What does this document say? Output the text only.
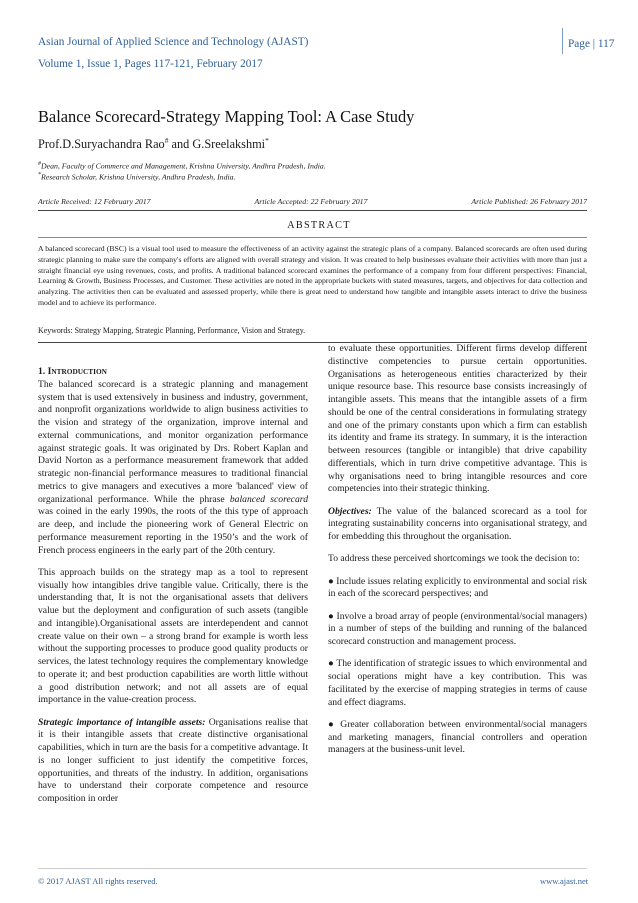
Asian Journal of Applied Science and Technology (AJAST)
Volume 1, Issue 1, Pages 117-121, February 2017
Page | 117
Balance Scorecard-Strategy Mapping Tool: A Case Study
Prof.D.Suryachandra Rao# and G.Sreelakshmi*
#Dean, Faculty of Commerce and Management, Krishna University, Andhra Pradesh, India.
*Research Scholar, Krishna University, Andhra Pradesh, India.
Article Received: 12 February 2017	Article Accepted: 22 February 2017	Article Published: 26 February 2017
ABSTRACT
A balanced scorecard (BSC) is a visual tool used to measure the effectiveness of an activity against the strategic plans of a company. Balanced scorecards are often used during strategic planning to make sure the company's efforts are aligned with overall strategy and vision. It was created to help businesses evaluate their activities with more than just a straight financial eye using revenues, costs, and profits. A traditional balanced scorecard examines the performance of a company from four different perspectives: Financial, Learning & Growth, Business Processes, and Customer. These activities are noted in the appropriate buckets with stated measures, targets, and objectives for data collection and analyzing. The activities then can be evaluated and assessed properly, while there is great need to understand how tangible and intangible assets interact to drive the business model and to achieve its performance.
Keywords: Strategy Mapping, Strategic Planning, Performance, Vision and Strategy.
1. INTRODUCTION

The balanced scorecard is a strategic planning and management system that is used extensively in business and industry, government, and nonprofit organizations worldwide to align business activities to the vision and strategy of the organization, improve internal and external communications, and monitor organization performance against strategic goals. It was originated by Drs. Robert Kaplan and David Norton as a performance measurement framework that added strategic non-financial performance measures to traditional financial metrics to give managers and executives a more 'balanced' view of organizational performance. While the phrase balanced scorecard was coined in the early 1990s, the roots of the this type of approach are deep, and include the pioneering work of General Electric on performance measurement reporting in the 1950’s and the work of French process engineers in the early part of the 20th century.

This approach builds on the strategy map as a tool to represent visually how intangibles drive tangible value. Critically, there is the understanding that, It is not the organisational assets that delivers value but the deployment and configuration of such assets (tangible and intangible).Organisational assets are interdependent and cannot create value on their own – a strong brand for example is worth less without the supporting processes to produce good quality products or services, the latest technology requires the complementary knowledge to operate it; and best production capabilities are worth little without a good distribution network; and not all assets are of equal importance in the value-creation process.

Strategic importance of intangible assets: Organisations realise that it is their intangible assets that create distinctive organisational capabilities, which in turn are the basis for a competitive advantage. It is no longer sufficient to just identify the competitive forces, opportunities, and threats of the industry. In addition, organisations have to understand their corporate competence and resource composition in order

to evaluate these opportunities. Different firms develop different distinctive competencies to pursue certain opportunities. Organisations as heterogeneous entities characterized by their unique resource base. This resource base consists increasingly of intangible assets. This means that the intangible assets of a firm should be one of the central considerations in formulating strategy and one of the primary constants upon which a firm can establish its identity and frame its strategy. In summary, it is the interaction between resources (tangible or intangible) that drive capability differentials, which in turn drive competitive advantage. This is why organisations need to bring intangible resources and core competencies into their strategic thinking.

Objectives: The value of the balanced scorecard as a tool for integrating sustainability concerns into organisational strategy, and for embedding this throughout the organisation.

To address these perceived shortcomings we took the decision to:

● Include issues relating explicitly to environmental and social risk in each of the scorecard perspectives; and

● Involve a broad array of people (environmental/social managers) in a number of steps of the building and running of the balanced scorecard construction and management process.

● The identification of strategic issues to which environmental and social operations might have a key contribution. This was facilitated by the exercise of mapping strategies in terms of cause and effect diagrams.

● Greater collaboration between environmental/social managers and marketing managers, financial controllers and operation managers at the business-unit level.

© 2017 AJAST All rights reserved.	www.ajast.net
